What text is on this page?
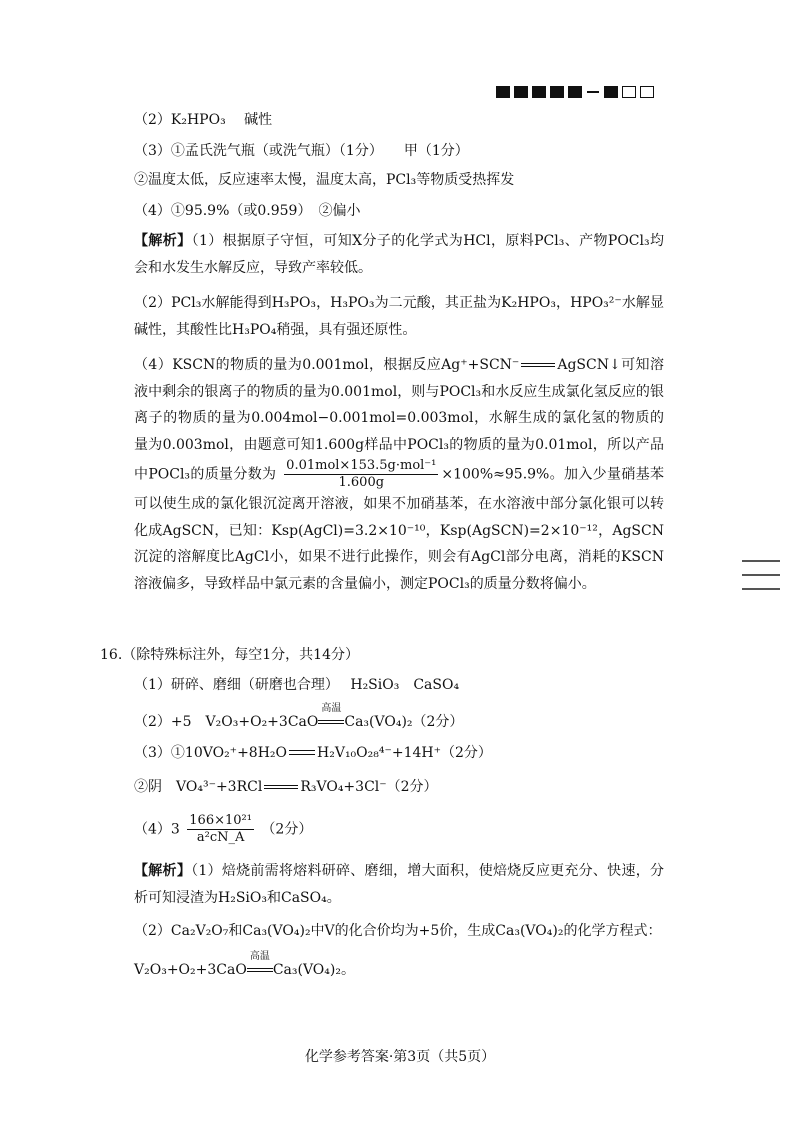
（2）K₂HPO₃　 碱性
（3）①孟氏洗气瓶（或洗气瓶）（1分）　　甲（1分）
②温度太低，反应速率太慢，温度太高，PCl₃等物质受热挥发
（4）①95.9%（或0.959）　②偏小
【解析】（1）根据原子守恒，可知X分子的化学式为HCl，原料PCl₃、产物POCl₃均会和水发生水解反应，导致产率较低。
（2）PCl₃水解能得到H₃PO₃，H₃PO₃为二元酸，其正盐为K₂HPO₃，HPO₃²⁻水解显碱性，其酸性比H₃PO₄稍强，具有强还原性。
（4）KSCN的物质的量为0.001mol，根据反应Ag⁺+SCN⁻	AgSCN↓可知溶液中剩余的银离子的物质的量为0.001mol，则与POCl₃和水反应生成氯化氢反应的银离子的物质的量为0.004mol−0.001mol=0.003mol，水解生成的氯化氢的物质的量为0.003mol，由题意可知1.600g样品中POCl₃的物质的量为0.01mol，所以产品中POCl₃的质量分数为 $\frac{\text{0.01mol×153.5g·mol⁻¹}}{1.600g} \times 100\%\approx 95.9\%$。加入少量硝基苯可以使生成的氯化银沉淀离开溶液，如果不加硝基苯，在水溶液中部分氯化银可以转化成AgSCN，已知：Ksp(AgCl)=3.2×10⁻¹⁰，Ksp(AgSCN)=2×10⁻¹²，AgSCN沉淀的溶解度比AgCl小，如果不进行此操作，则会有AgCl部分电离，消耗的KSCN溶液偏多，导致样品中氯元素的含量偏小，测定POCl₃的质量分数将偏小。
16.（除特殊标注外，每空1分，共14分）
（1）研碎、磨细（研磨也合理）　 H₂SiO₃　CaSO₄
（2）+5　V₂O₃+O₂+3CaO
高温
Ca₃(VO₄)₂（2分）
（3）①10VO₂⁺+8H₂O H₂V₁₀O₂₈⁴⁻+14H⁺（2分）
②阴　VO₄³⁻+3RCl	R₃VO₄+3Cl⁻（2分）
$(4)3 \frac{\text{166×10²¹}}{\text{a²cN\_A}} (2$分）
【解析】（1）焙烧前需将熔料研碎、磨细，增大面积，使焙烧反应更充分、快速，分析可知浸渣为H₂SiO₃和CaSO₄。
（2）Ca₂V₂O₇和Ca₃(VO₄)₂中V的化合价均为+5价，生成Ca₃(VO₄)₂的化学方程式：
V₂O₃+O₂+3CaO
高温
Ca₃(VO₄)₂。
化学参考答案·第3页（共5页）
